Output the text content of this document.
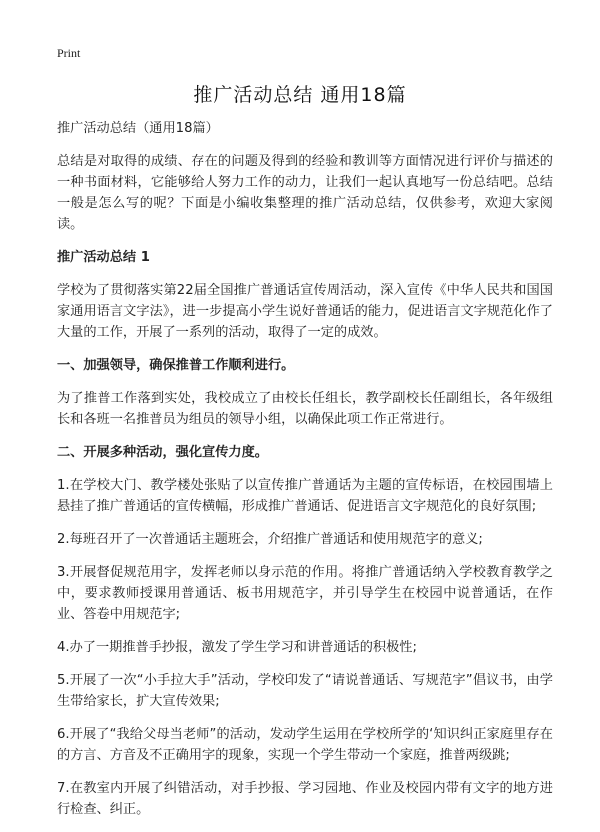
Print
推广活动总结 通用18篇

推广活动总结（通用18篇）

总结是对取得的成绩、存在的问题及得到的经验和教训等方面情况进行评价与描述的一种书面材料，它能够给人努力工作的动力，让我们一起认真地写一份总结吧。总结一般是怎么写的呢？下面是小编收集整理的推广活动总结，仅供参考，欢迎大家阅读。

推广活动总结 1

学校为了贯彻落实第22届全国推广普通话宣传周活动，深入宣传《中华人民共和国国家通用语言文字法》，进一步提高小学生说好普通话的能力，促进语言文字规范化作了大量的工作，开展了一系列的活动，取得了一定的成效。

一、加强领导，确保推普工作顺利进行。

为了推普工作落到实处，我校成立了由校长任组长，教学副校长任副组长，各年级组长和各班一名推普员为组员的领导小组，以确保此项工作正常进行。

二、开展多种活动，强化宣传力度。

1.在学校大门、教学楼处张贴了以宣传推广普通话为主题的宣传标语，在校园围墙上悬挂了推广普通话的宣传横幅，形成推广普通话、促进语言文字规范化的良好氛围;

2.每班召开了一次普通话主题班会，介绍推广普通话和使用规范字的意义;

3.开展督促规范用字，发挥老师以身示范的作用。将推广普通话纳入学校教育教学之中，要求教师授课用普通话、板书用规范字，并引导学生在校园中说普通话，在作业、答卷中用规范字;

4.办了一期推普手抄报，激发了学生学习和讲普通话的积极性;

5.开展了一次“小手拉大手”活动，学校印发了“请说普通话、写规范字”倡议书，由学生带给家长，扩大宣传效果;

6.开展了“我给父母当老师”的活动，发动学生运用在学校所学的‘知识纠正家庭里存在的方言、方音及不正确用字的现象，实现一个学生带动一个家庭，推普两级跳;

7.在教室内开展了纠错活动，对手抄报、学习园地、作业及校园内带有文字的地方进行检查、纠正。
